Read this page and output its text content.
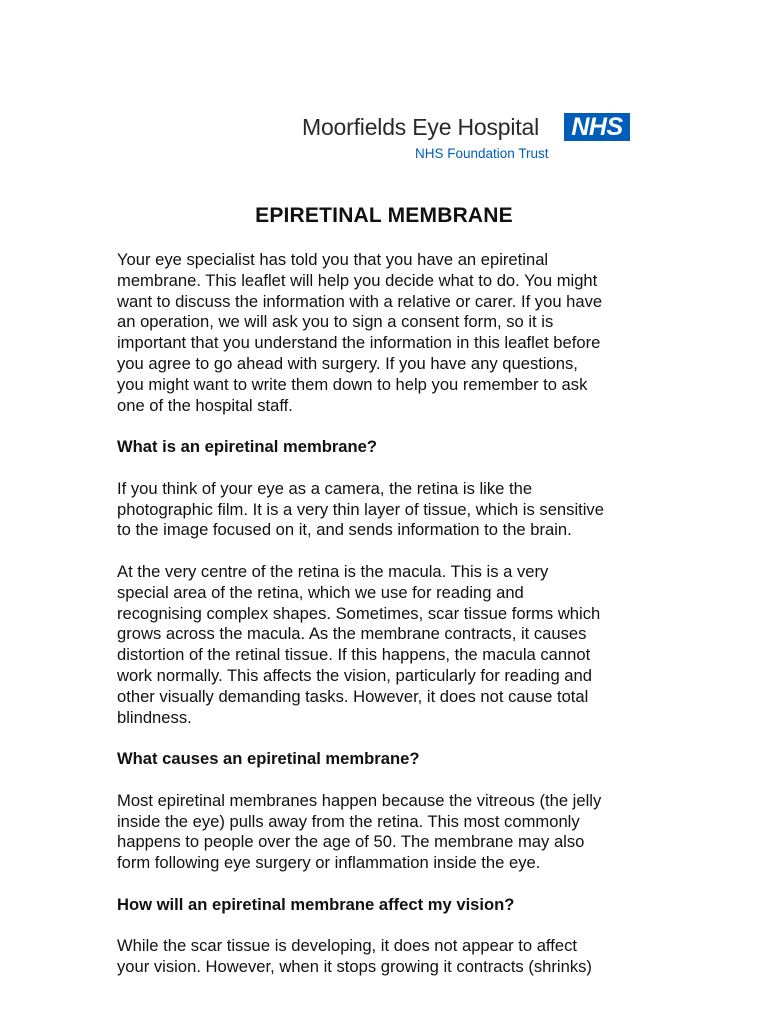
Moorfields Eye Hospital NHS
NHS Foundation Trust
EPIRETINAL MEMBRANE

Your eye specialist has told you that you have an epiretinal
membrane. This leaflet will help you decide what to do. You might
want to discuss the information with a relative or carer. If you have
an operation, we will ask you to sign a consent form, so it is
important that you understand the information in this leaflet before
you agree to go ahead with surgery. If you have any questions,
you might want to write them down to help you remember to ask
one of the hospital staff.

What is an epiretinal membrane?

If you think of your eye as a camera, the retina is like the
photographic film. It is a very thin layer of tissue, which is sensitive
to the image focused on it, and sends information to the brain.

At the very centre of the retina is the macula. This is a very
special area of the retina, which we use for reading and
recognising complex shapes. Sometimes, scar tissue forms which
grows across the macula. As the membrane contracts, it causes
distortion of the retinal tissue. If this happens, the macula cannot
work normally. This affects the vision, particularly for reading and
other visually demanding tasks. However, it does not cause total
blindness.

What causes an epiretinal membrane?

Most epiretinal membranes happen because the vitreous (the jelly
inside the eye) pulls away from the retina. This most commonly
happens to people over the age of 50. The membrane may also
form following eye surgery or inflammation inside the eye.

How will an epiretinal membrane affect my vision?

While the scar tissue is developing, it does not appear to affect
your vision. However, when it stops growing it contracts (shrinks)
